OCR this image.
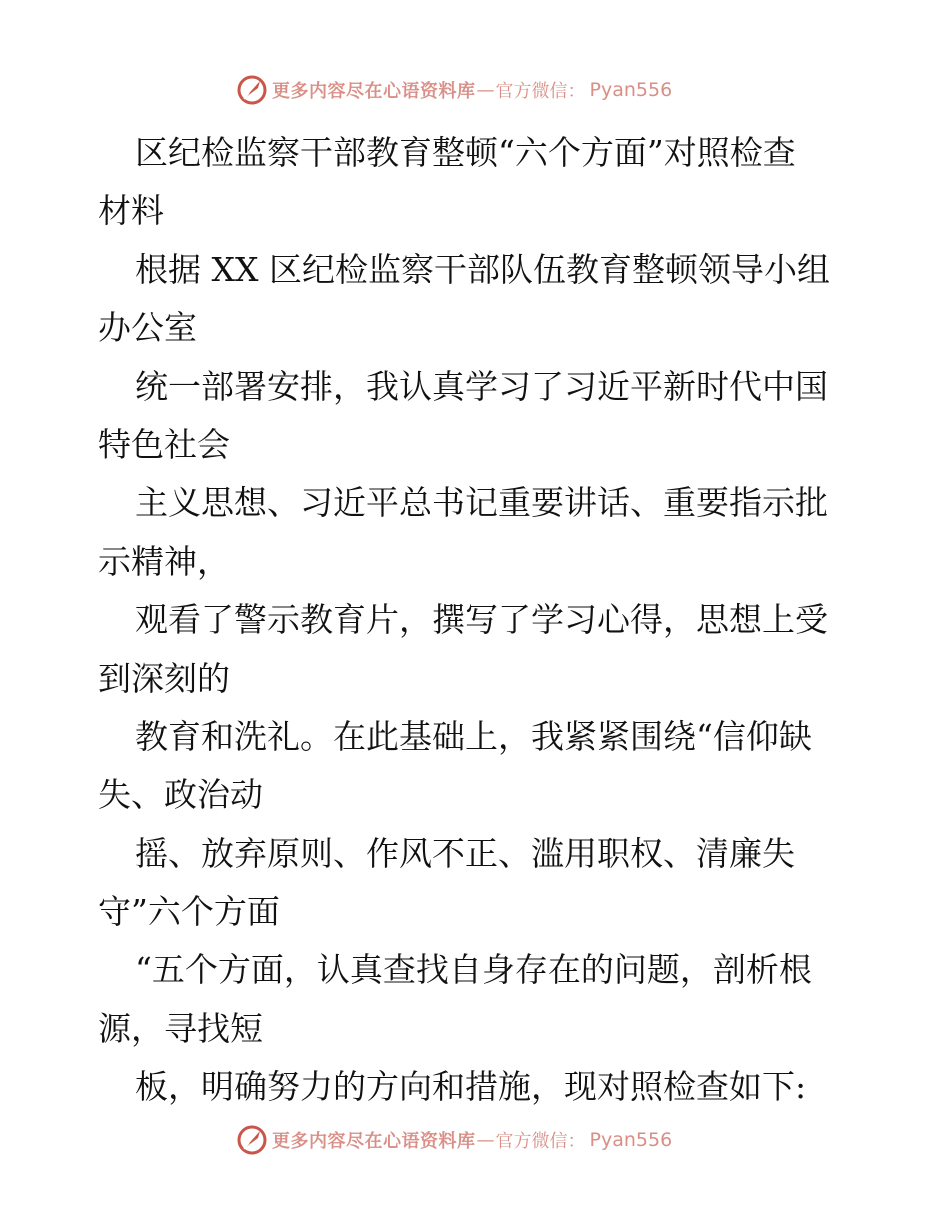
更多内容尽在心语资料库 — 官方微信 ： Pyan556
区纪检监察干部教育整顿“六个方面”对照检查
材料
根据 XX 区纪检监察干部队伍教育整顿领导小组
办公室
统一部署安排，我认真学习了习近平新时代中国
特色社会
主义思想、习近平总书记重要讲话、重要指示批
示精神，
观看了警示教育片，撰写了学习心得，思想上受
到深刻的
教育和洗礼。在此基础上，我紧紧围绕“信仰缺
失、政治动
摇、放弃原则、作风不正、滥用职权、清廉失
守”六个方面
“五个方面，认真查找自身存在的问题，剖析根
源，寻找短
板，明确努力的方向和措施，现对照检查如下:
更多内容尽在心语资料库 — 官方微信 ： Pyan556
